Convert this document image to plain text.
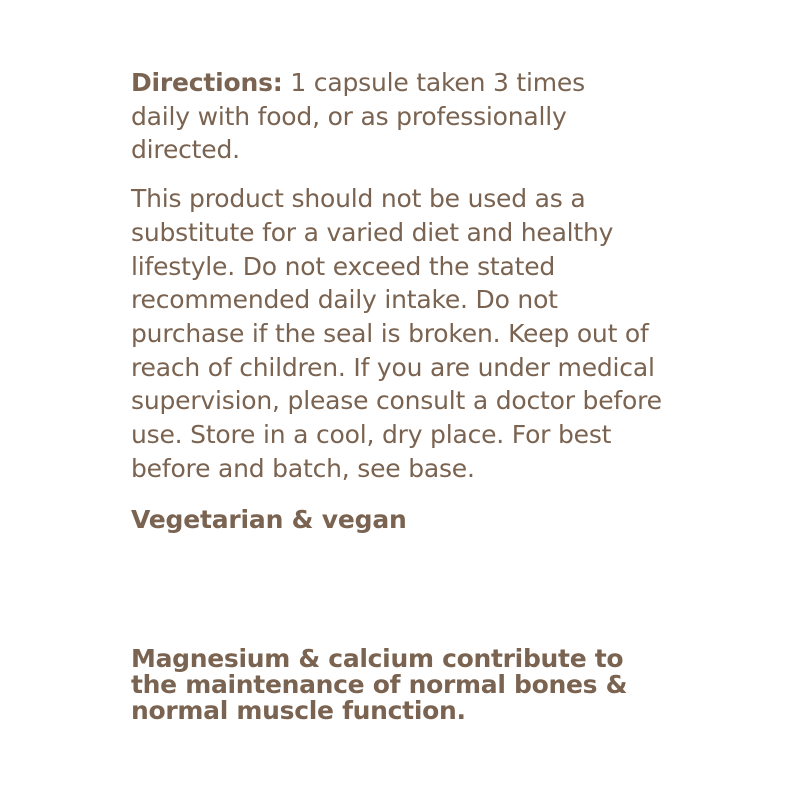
Directions: 1 capsule taken 3 times daily with food, or as professionally directed.

This product should not be used as a substitute for a varied diet and healthy lifestyle. Do not exceed the stated recommended daily intake. Do not purchase if the seal is broken. Keep out of reach of children. If you are under medical supervision, please consult a doctor before use. Store in a cool, dry place. For best before and batch, see base.

Vegetarian & vegan

Magnesium & calcium contribute to the maintenance of normal bones & normal muscle function.
